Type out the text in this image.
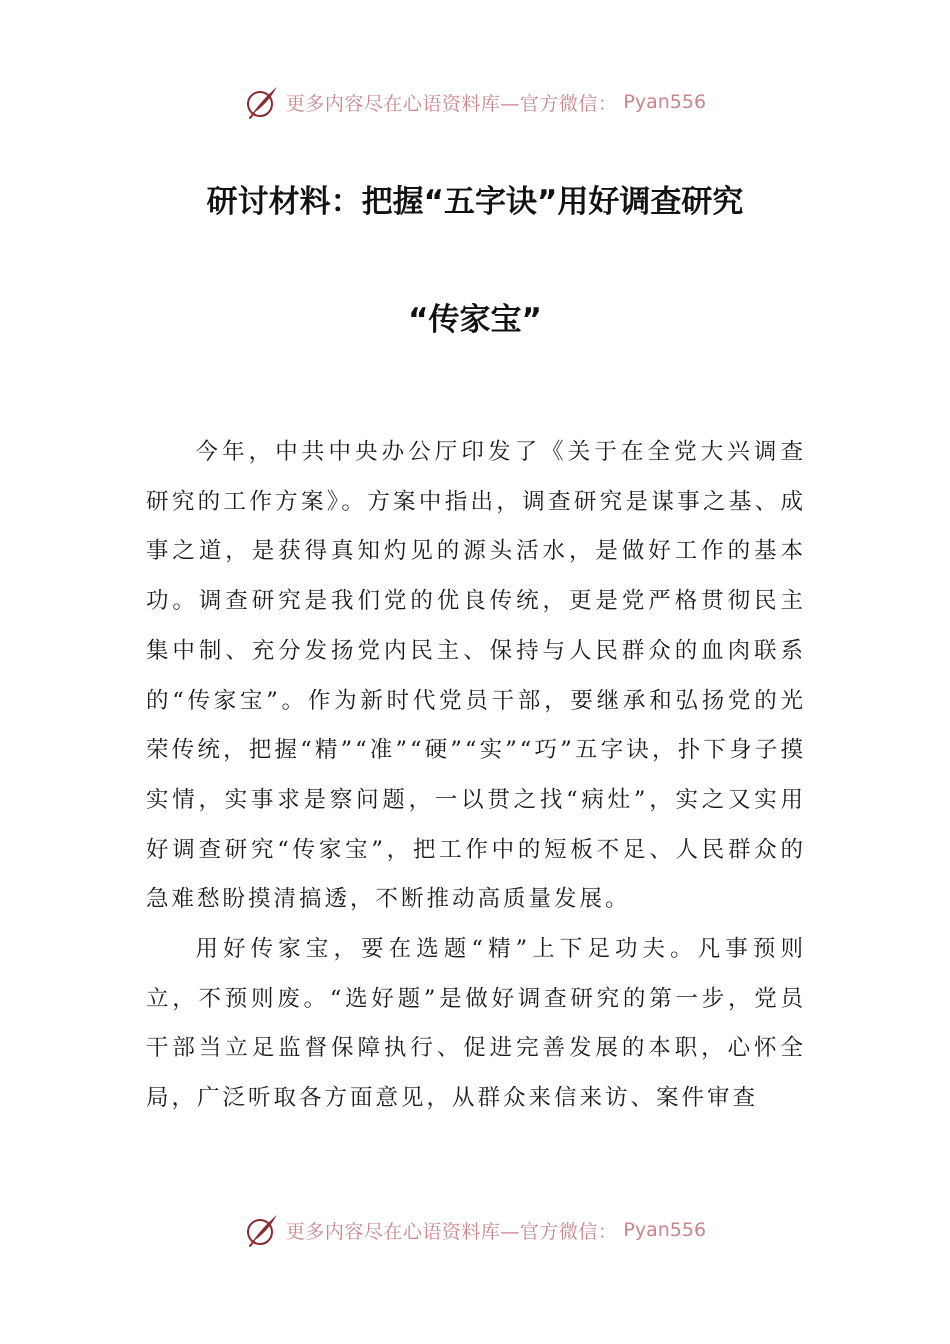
更多内容尽在心语资料库—官方微信： Pyan556
研讨材料：把握“五字诀”用好调查研究
“传家宝”

今年，中共中央办公厅印发了《关于在全党大兴调查研究的工作方案》。方案中指出，调查研究是谋事之基、成事之道，是获得真知灼见的源头活水，是做好工作的基本功。调查研究是我们党的优良传统，更是党严格贯彻民主集中制、充分发扬党内民主、保持与人民群众的血肉联系的“传家宝”。作为新时代党员干部，要继承和弘扬党的光荣传统，把握“精”“准”“硬”“实”“巧”五字诀，扑下身子摸实情，实事求是察问题，一以贯之找“病灶”，实之又实用好调查研究“传家宝”，把工作中的短板不足、人民群众的急难愁盼摸清搞透，不断推动高质量发展。

用好传家宝，要在选题“精”上下足功夫。凡事预则立，不预则废。“选好题”是做好调查研究的第一步，党员干部当立足监督保障执行、促进完善发展的本职，心怀全局，广泛听取各方面意见，从群众来信来访、案件审查

更多内容尽在心语资料库—官方微信： Pyan556
